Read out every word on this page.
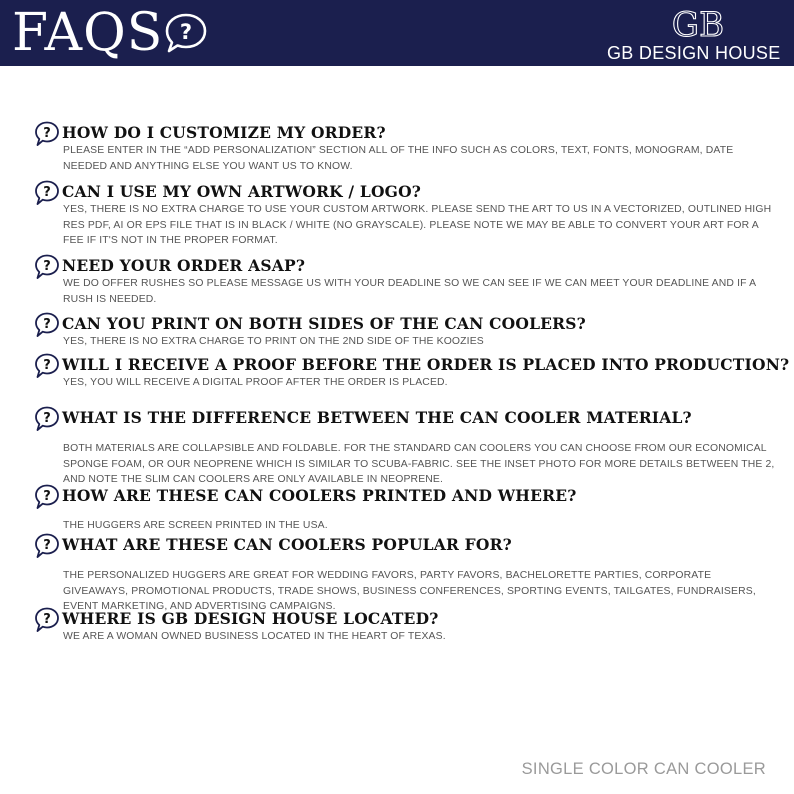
FAQS ?	GB
GB DESIGN HOUSE
? HOW DO I CUSTOMIZE MY ORDER?
PLEASE ENTER IN THE “ADD PERSONALIZATION” SECTION ALL OF THE INFO SUCH AS COLORS, TEXT, FONTS, MONOGRAM, DATE NEEDED AND ANYTHING ELSE YOU WANT US TO KNOW.
? CAN I USE MY OWN ARTWORK / LOGO?
YES, THERE IS NO EXTRA CHARGE TO USE YOUR CUSTOM ARTWORK. PLEASE SEND THE ART TO US IN A VECTORIZED, OUTLINED HIGH RES PDF, AI OR EPS FILE THAT IS IN BLACK / WHITE (NO GRAYSCALE). PLEASE NOTE WE MAY BE ABLE TO CONVERT YOUR ART FOR A FEE IF IT'S NOT IN THE PROPER FORMAT.
? NEED YOUR ORDER ASAP?
WE DO OFFER RUSHES SO PLEASE MESSAGE US WITH YOUR DEADLINE SO WE CAN SEE IF WE CAN MEET YOUR DEADLINE AND IF A RUSH IS NEEDED.
? CAN YOU PRINT ON BOTH SIDES OF THE CAN COOLERS?
YES, THERE IS NO EXTRA CHARGE TO PRINT ON THE 2ND SIDE OF THE KOOZIES
? WILL I RECEIVE A PROOF BEFORE THE ORDER IS PLACED INTO PRODUCTION?
YES, YOU WILL RECEIVE A DIGITAL PROOF AFTER THE ORDER IS PLACED.
? WHAT IS THE DIFFERENCE BETWEEN THE CAN COOLER MATERIAL?
BOTH MATERIALS ARE COLLAPSIBLE AND FOLDABLE. FOR THE STANDARD CAN COOLERS YOU CAN CHOOSE FROM OUR ECONOMICAL SPONGE FOAM, OR OUR NEOPRENE WHICH IS SIMILAR TO SCUBA-FABRIC. SEE THE INSET PHOTO FOR MORE DETAILS BETWEEN THE 2, AND NOTE THE SLIM CAN COOLERS ARE ONLY AVAILABLE IN NEOPRENE.
? HOW ARE THESE CAN COOLERS PRINTED AND WHERE?
THE HUGGERS ARE SCREEN PRINTED IN THE USA.
? WHAT ARE THESE CAN COOLERS POPULAR FOR?
THE PERSONALIZED HUGGERS ARE GREAT FOR WEDDING FAVORS, PARTY FAVORS, BACHELORETTE PARTIES, CORPORATE GIVEAWAYS, PROMOTIONAL PRODUCTS, TRADE SHOWS, BUSINESS CONFERENCES, SPORTING EVENTS, TAILGATES, FUNDRAISERS, EVENT MARKETING, AND ADVERTISING CAMPAIGNS.
? WHERE IS GB DESIGN HOUSE LOCATED?
WE ARE A WOMAN OWNED BUSINESS LOCATED IN THE HEART OF TEXAS.
SINGLE COLOR CAN COOLER
